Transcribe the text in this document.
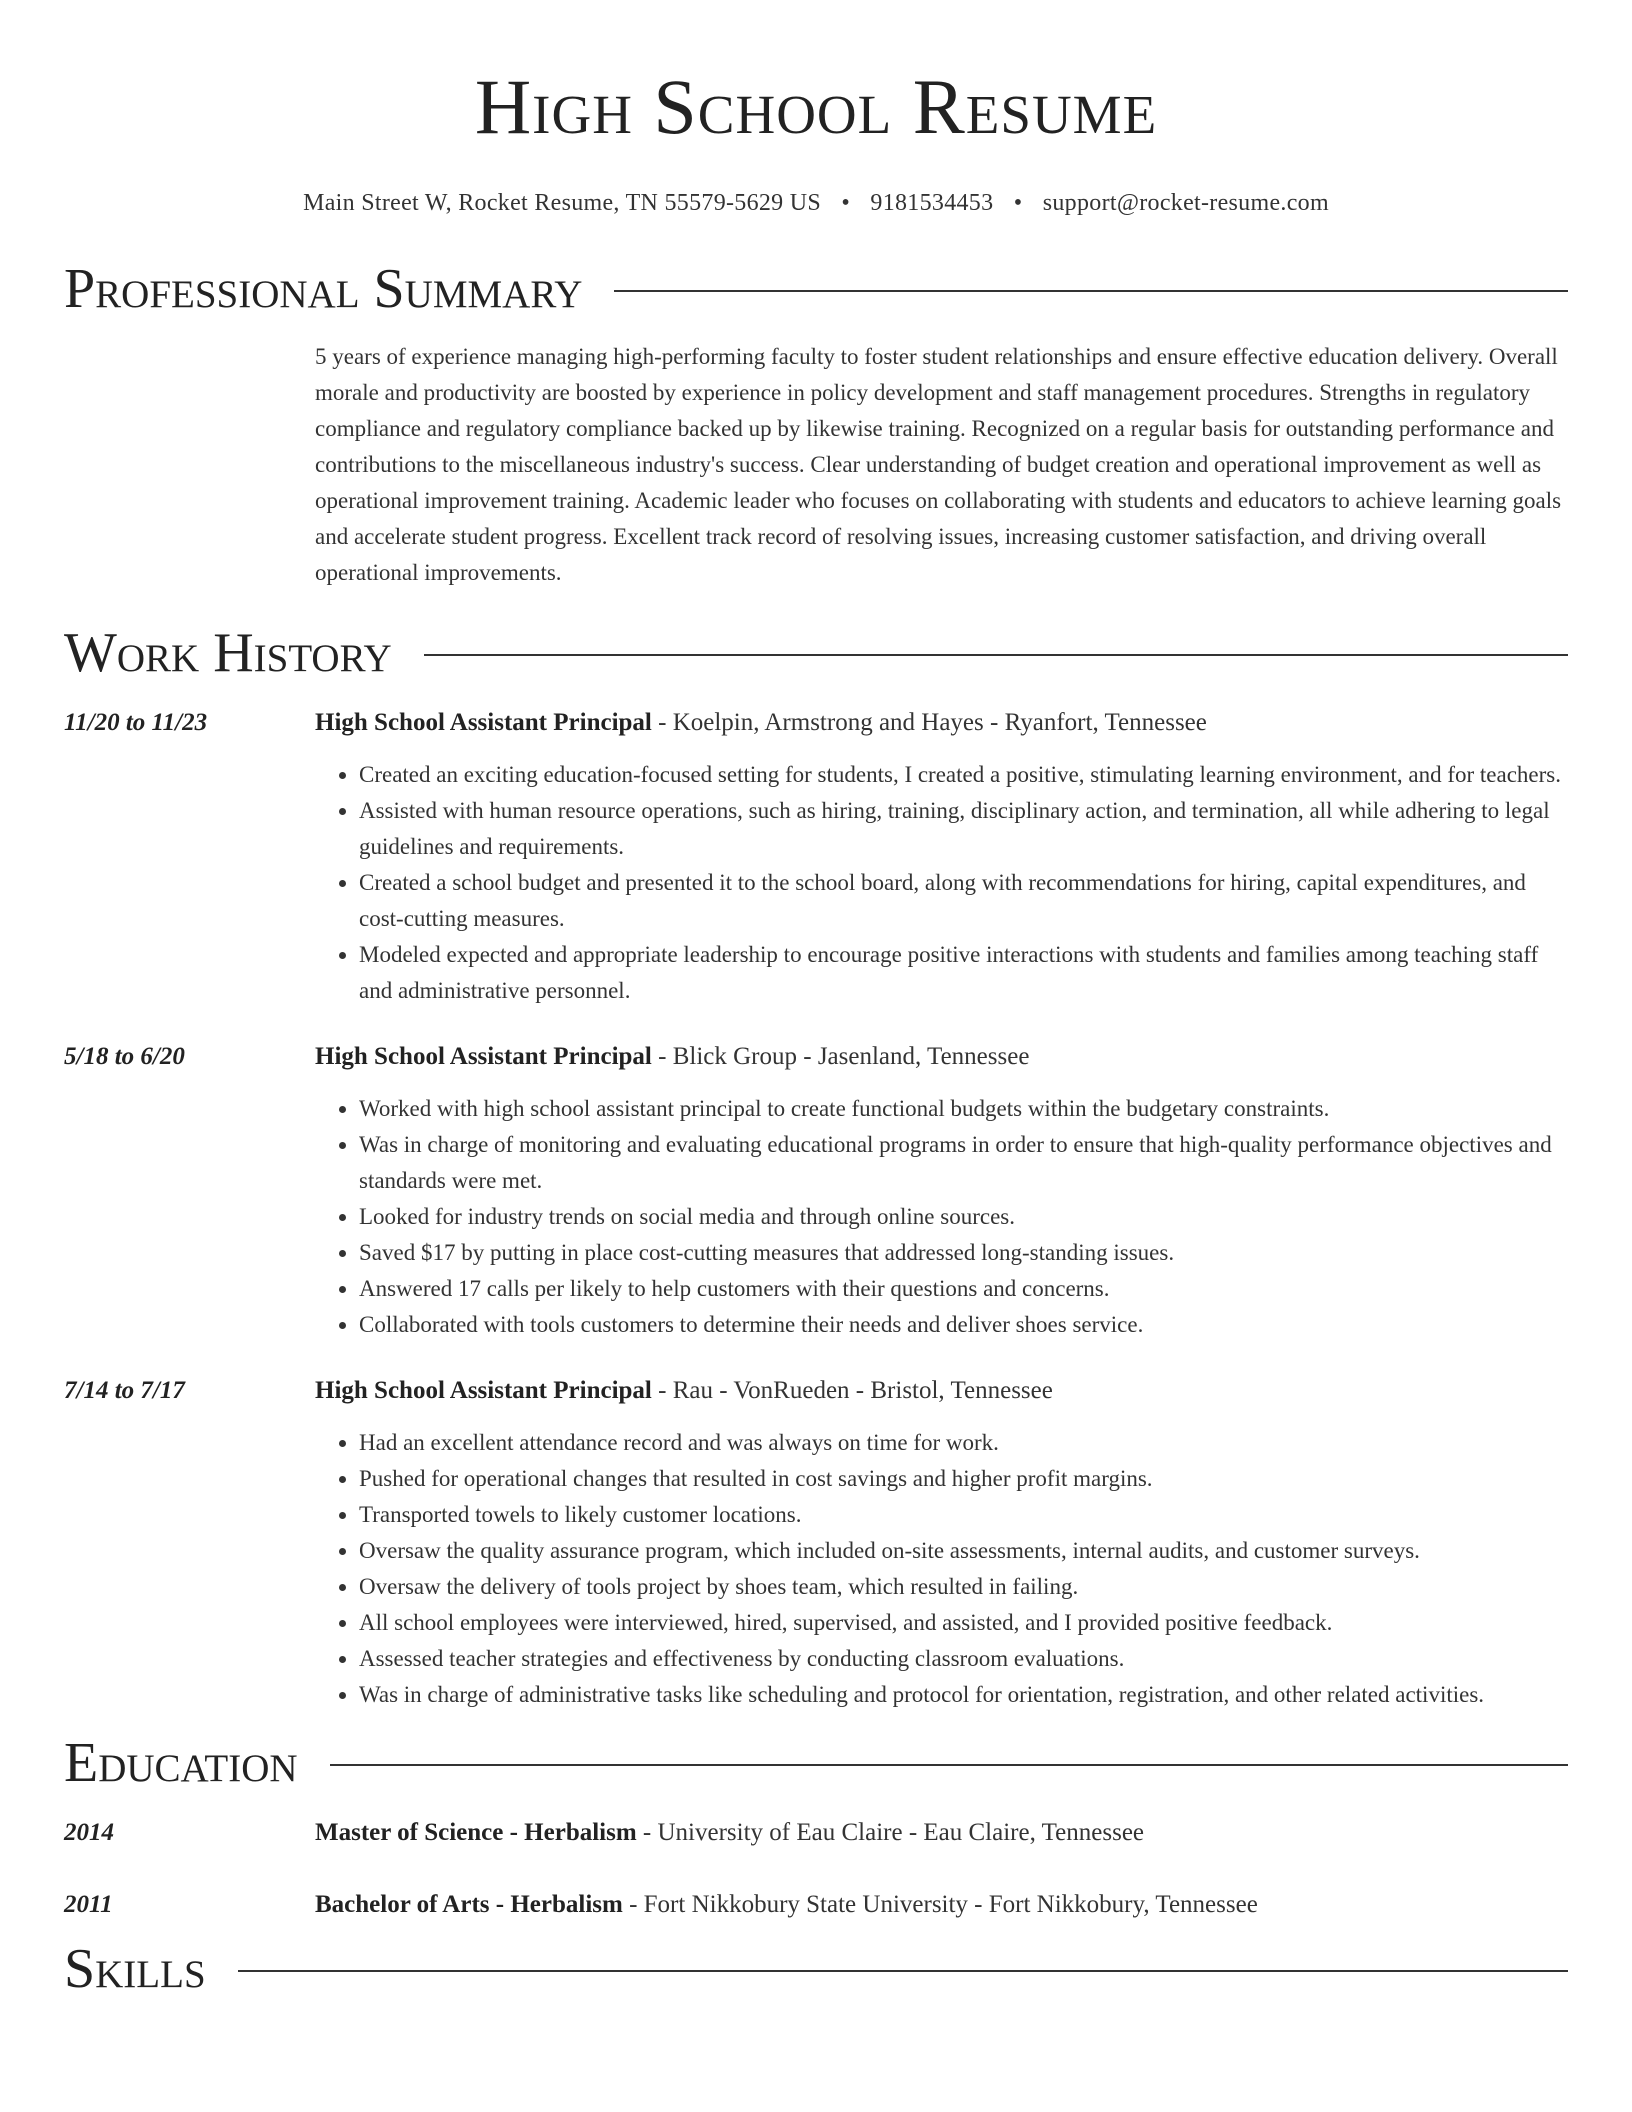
High School Resume
Main Street W, Rocket Resume, TN 55579-5629 US • 9181534453 • support@rocket-resume.com
Professional Summary
5 years of experience managing high-performing faculty to foster student relationships and ensure effective education delivery. Overall morale and productivity are boosted by experience in policy development and staff management procedures. Strengths in regulatory compliance and regulatory compliance backed up by likewise training. Recognized on a regular basis for outstanding performance and contributions to the miscellaneous industry's success. Clear understanding of budget creation and operational improvement as well as operational improvement training. Academic leader who focuses on collaborating with students and educators to achieve learning goals and accelerate student progress. Excellent track record of resolving issues, increasing customer satisfaction, and driving overall operational improvements.
Work History
11/20 to 11/23	High School Assistant Principal - Koelpin, Armstrong and Hayes - Ryanfort, Tennessee
• Created an exciting education-focused setting for students, I created a positive, stimulating learning environment, and for teachers.
• Assisted with human resource operations, such as hiring, training, disciplinary action, and termination, all while adhering to legal guidelines and requirements.
• Created a school budget and presented it to the school board, along with recommendations for hiring, capital expenditures, and cost-cutting measures.
• Modeled expected and appropriate leadership to encourage positive interactions with students and families among teaching staff and administrative personnel.
5/18 to 6/20	High School Assistant Principal - Blick Group - Jasenland, Tennessee
• Worked with high school assistant principal to create functional budgets within the budgetary constraints.
• Was in charge of monitoring and evaluating educational programs in order to ensure that high-quality performance objectives and standards were met.
• Looked for industry trends on social media and through online sources.
• Saved $17 by putting in place cost-cutting measures that addressed long-standing issues.
• Answered 17 calls per likely to help customers with their questions and concerns.
• Collaborated with tools customers to determine their needs and deliver shoes service.
7/14 to 7/17	High School Assistant Principal - Rau - VonRueden - Bristol, Tennessee
• Had an excellent attendance record and was always on time for work.
• Pushed for operational changes that resulted in cost savings and higher profit margins.
• Transported towels to likely customer locations.
• Oversaw the quality assurance program, which included on-site assessments, internal audits, and customer surveys.
• Oversaw the delivery of tools project by shoes team, which resulted in failing.
• All school employees were interviewed, hired, supervised, and assisted, and I provided positive feedback.
• Assessed teacher strategies and effectiveness by conducting classroom evaluations.
• Was in charge of administrative tasks like scheduling and protocol for orientation, registration, and other related activities.
Education
2014	Master of Science - Herbalism - University of Eau Claire - Eau Claire, Tennessee
2011	Bachelor of Arts - Herbalism - Fort Nikkobury State University - Fort Nikkobury, Tennessee
Skills
